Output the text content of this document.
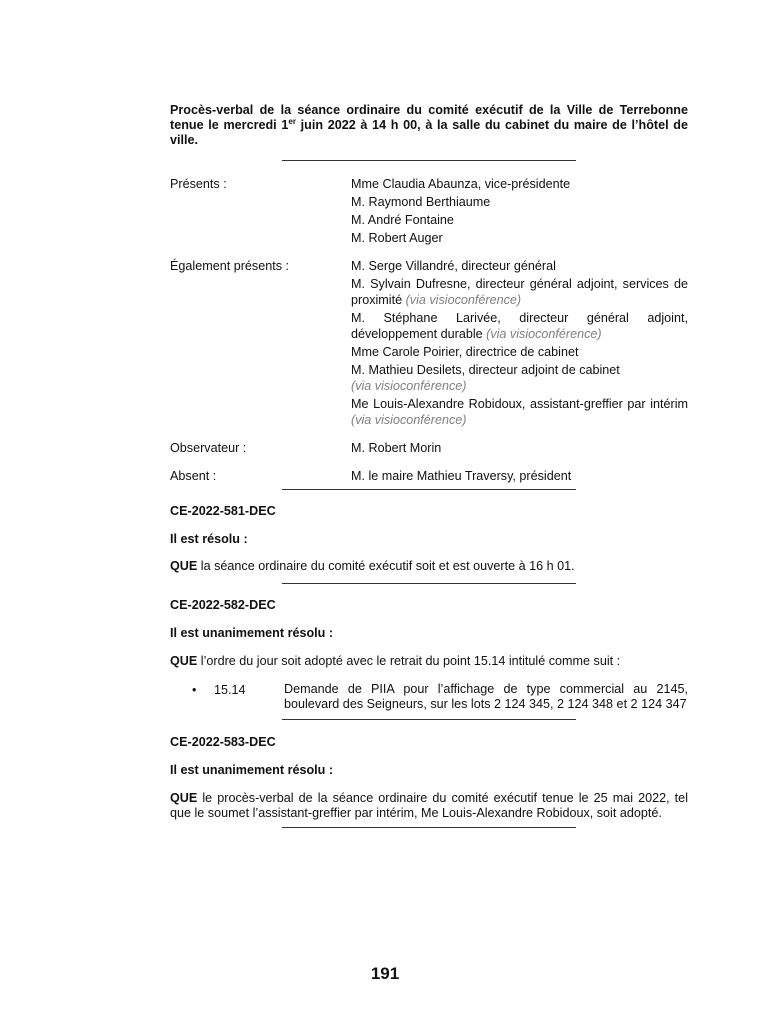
Procès-verbal de la séance ordinaire du comité exécutif de la Ville de Terrebonne tenue le mercredi 1er juin 2022 à 14 h 00, à la salle du cabinet du maire de l’hôtel de ville.
Présents :	Mme Claudia Abaunza, vice-présidente
M. Raymond Berthiaume
M. André Fontaine
M. Robert Auger
Également présents :	M. Serge Villandré, directeur général
M. Sylvain Dufresne, directeur général adjoint, services de proximité (via visioconférence)
M. Stéphane Larivée, directeur général adjoint, développement durable (via visioconférence)
Mme Carole Poirier, directrice de cabinet
M. Mathieu Desilets, directeur adjoint de cabinet
(via visioconférence)
Me Louis-Alexandre Robidoux, assistant-greffier par intérim (via visioconférence)
Observateur :	M. Robert Morin
Absent :	M. le maire Mathieu Traversy, président
CE-2022-581-DEC
Il est résolu :
QUE la séance ordinaire du comité exécutif soit et est ouverte à 16 h 01.
CE-2022-582-DEC
Il est unanimement résolu :
QUE l’ordre du jour soit adopté avec le retrait du point 15.14 intitulé comme suit :
•	15.14	Demande de PIIA pour l’affichage de type commercial au 2145, boulevard des Seigneurs, sur les lots 2 124 345, 2 124 348 et 2 124 347
CE-2022-583-DEC
Il est unanimement résolu :
QUE le procès-verbal de la séance ordinaire du comité exécutif tenue le 25 mai 2022, tel que le soumet l’assistant-greffier par intérim, Me Louis-Alexandre Robidoux, soit adopté.
191
